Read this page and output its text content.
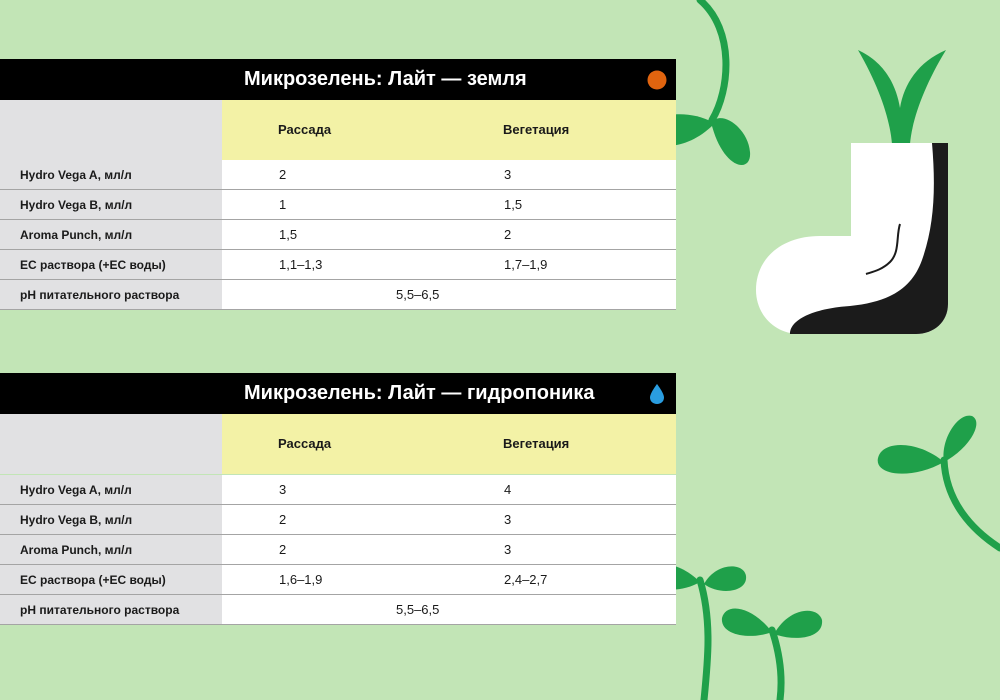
Микрозелень: Лайт — земля
Рассада	Вегетация
Hydro Vega A, мл/л	2	3
Hydro Vega B, мл/л	1	1,5
Aroma Punch, мл/л	1,5	2
EC раствора (+EC воды)	1,1–1,3	1,7–1,9
pH питательного раствора	5,5–6,5
Микрозелень: Лайт — гидропоника
Рассада	Вегетация
Hydro Vega A, мл/л	3	4
Hydro Vega B, мл/л	2	3
Aroma Punch, мл/л	2	3
EC раствора (+EC воды)	1,6–1,9	2,4–2,7
pH питательного раствора	5,5–6,5
